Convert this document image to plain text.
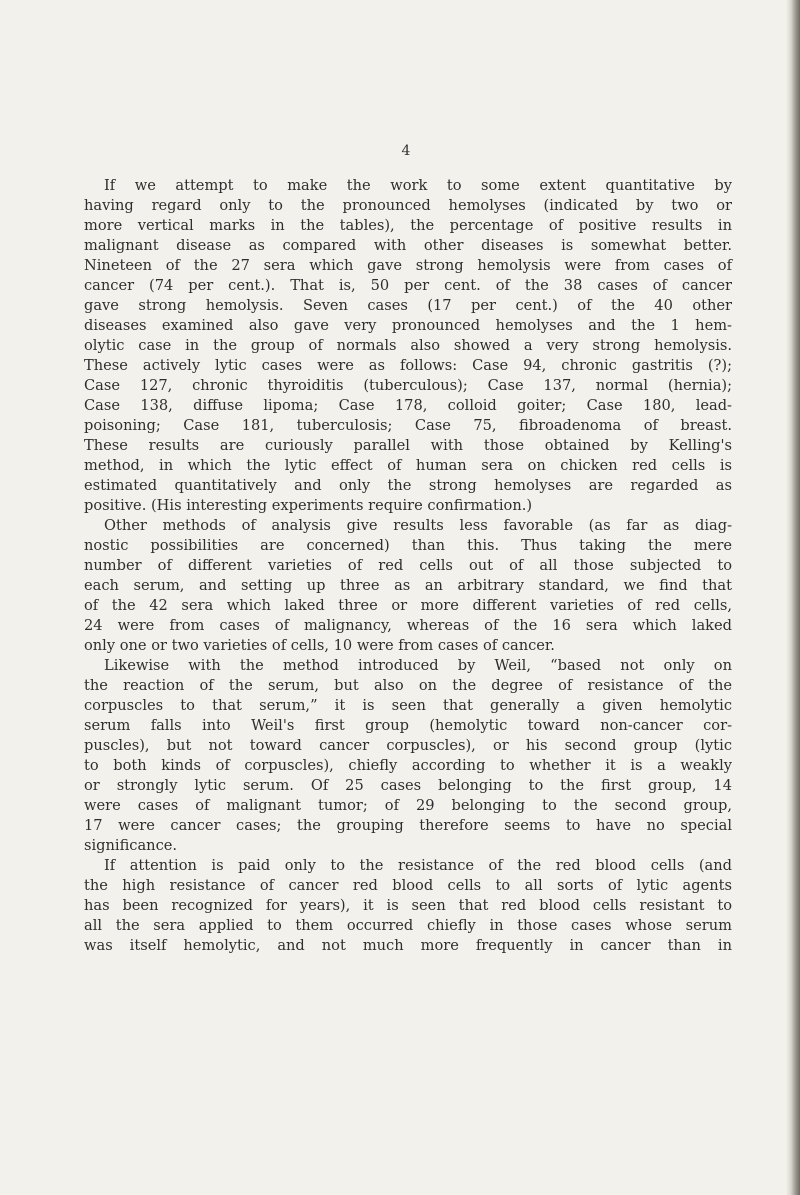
4
If we attempt to make the work to some extent quantitative by
having regard only to the pronounced hemolyses (indicated by two or
more vertical marks in the tables), the percentage of positive results in
malignant disease as compared with other diseases is somewhat better.
Nineteen of the 27 sera which gave strong hemolysis were from cases of
cancer (74 per cent.). That is, 50 per cent. of the 38 cases of cancer
gave strong hemolysis. Seven cases (17 per cent.) of the 40 other
diseases examined also gave very pronounced hemolyses and the 1 hem-
olytic case in the group of normals also showed a very strong hemolysis.
These actively lytic cases were as follows: Case 94, chronic gastritis (?);
Case 127, chronic thyroiditis (tuberculous); Case 137, normal (hernia);
Case 138, diffuse lipoma; Case 178, colloid goiter; Case 180, lead-
poisoning; Case 181, tuberculosis; Case 75, fibroadenoma of breast.
These results are curiously parallel with those obtained by Kelling's
method, in which the lytic effect of human sera on chicken red cells is
estimated quantitatively and only the strong hemolyses are regarded as
positive. (His interesting experiments require confirmation.)
Other methods of analysis give results less favorable (as far as diag-
nostic possibilities are concerned) than this. Thus taking the mere
number of different varieties of red cells out of all those subjected to
each serum, and setting up three as an arbitrary standard, we find that
of the 42 sera which laked three or more different varieties of red cells,
24 were from cases of malignancy, whereas of the 16 sera which laked
only one or two varieties of cells, 10 were from cases of cancer.
Likewise with the method introduced by Weil, “based not only on
the reaction of the serum, but also on the degree of resistance of the
corpuscles to that serum,” it is seen that generally a given hemolytic
serum falls into Weil's first group (hemolytic toward non-cancer cor-
puscles), but not toward cancer corpuscles), or his second group (lytic
to both kinds of corpuscles), chiefly according to whether it is a weakly
or strongly lytic serum. Of 25 cases belonging to the first group, 14
were cases of malignant tumor; of 29 belonging to the second group,
17 were cancer cases; the grouping therefore seems to have no special
significance.
If attention is paid only to the resistance of the red blood cells (and
the high resistance of cancer red blood cells to all sorts of lytic agents
has been recognized for years), it is seen that red blood cells resistant to
all the sera applied to them occurred chiefly in those cases whose serum
was itself hemolytic, and not much more frequently in cancer than in
